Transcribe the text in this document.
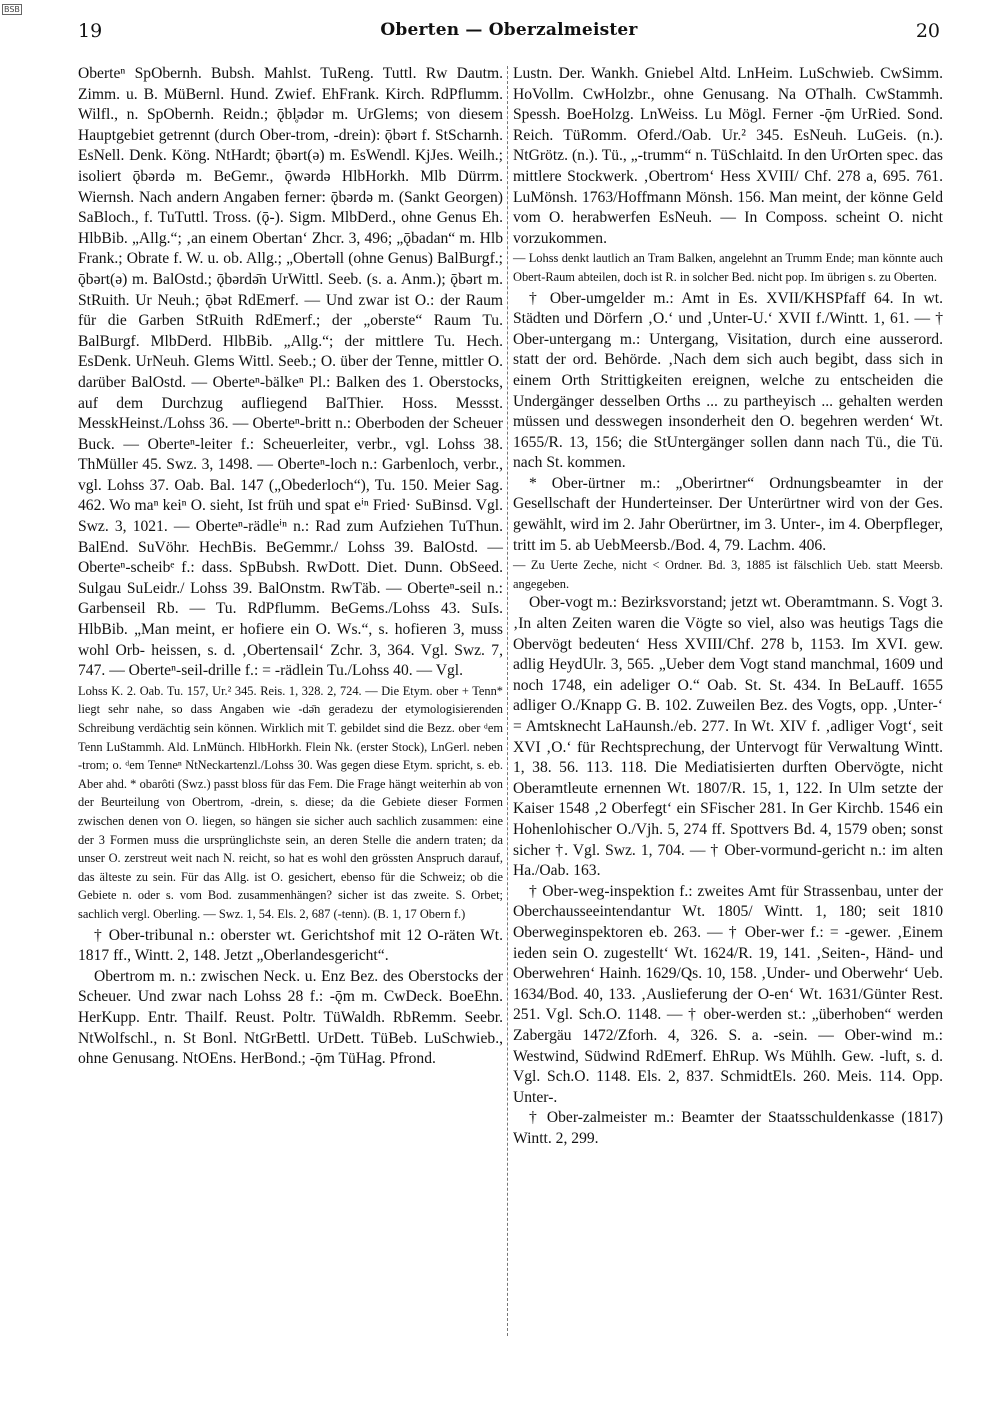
BSB
19	Oberten — Oberzalmeister	20

Oberteⁿ SpObernh. Bubsh. Mahlst. TuReng. Tuttl. Rw Dautm. Zimm. u. B. MüBernl. Hund. Zwief. EhFrank. Kirch. RdPflumm. Wilfl., n. SpObernh. Reidn.; ǭbl̥ədər m. UrGlems; von diesem Hauptgebiet getrennt (durch Ober-trom, -drein): ǭbərt f. StScharnh. EsNell. Denk. Köng. NtHardt; ǭbərt(ə) m. EsWendl. KjJes. Weilh.; isoliert ǭbərdə m. BeGemr., ǭwərdə HlbHorkh. Mlb Dürrm. Wiernsh. Nach andern Angaben ferner: ǭbərdə m. (Sankt Georgen) SaBloch., f. TuTuttl. Tross. (ǭ-). Sigm. MlbDerd., ohne Genus Eh. HlbBib. „Allg.“; ‚an einem Obertan‘ Zhcr. 3, 496; „ǭbadan“ m. Hlb Frank.; Obrate f. W. u. ob. Allg.; „Obertəll (ohne Genus) BalBurgf.; ǭbərt(ə) m. BalOstd.; ǭbərdə̄n UrWittl. Seeb. (s. a. Anm.); ǭbərt m. StRuith. Ur Neuh.; ǭbət RdEmerf. — Und zwar ist O.: der Raum für die Garben StRuith RdEmerf.; der „oberste“ Raum Tu. BalBurgf. MlbDerd. HlbBib. „Allg.“; der mittlere Tu. Hech. EsDenk. UrNeuh. Glems Wittl. Seeb.; O. über der Tenne, mittler O. darüber BalOstd. — Oberteⁿ-bälkeⁿ Pl.: Balken des 1. Oberstocks, auf dem Durchzug aufliegend BalThier. Hoss. Messst. MesskHeinst./Lohss 36. — Oberteⁿ-britt n.: Oberboden der Scheuer Buck. — Oberteⁿ-leiter f.: Scheuerleiter, verbr., vgl. Lohss 38. ThMüller 45. Swz. 3, 1498. — Oberteⁿ-loch n.: Garbenloch, verbr., vgl. Lohss 37. Oab. Bal. 147 („Obederloch“), Tu. 150. Meier Sag. 462. Wo maⁿ keiⁿ O. sieht, Ist früh und spat eⁱⁿ Fried· SuBinsd. Vgl. Swz. 3, 1021. — Oberteⁿ-rädleⁱⁿ n.: Rad zum Aufziehen TuThun. BalEnd. SuVöhr. HechBis. BeGemmr./ Lohss 39. BalOstd. — Oberteⁿ-scheibᵉ f.: dass. SpBubsh. RwDott. Diet. Dunn. ObSeed. Sulgau SuLeidr./ Lohss 39. BalOnstm. RwTäb. — Oberteⁿ-seil n.: Garbenseil Rb. — Tu. RdPflumm. BeGems./Lohss 43. SuIs. HlbBib. „Man meint, er hofiere ein O. Ws.“, s. hofieren 3, muss wohl Orb- heissen, s. d. ‚Obertensail‘ Zchr. 3, 364. Vgl. Swz. 7, 747. — Oberteⁿ-seil-drille f.: = -rädlein Tu./Lohss 40. — Vgl.

Lohss K. 2. Oab. Tu. 157, Ur.² 345. Reis. 1, 328. 2, 724. — Die Etym. ober + Tenn* liegt sehr nahe, so dass Angaben wie -də̄n geradezu der etymologisierenden Schreibung verdächtig sein können. Wirklich mit T. gebildet sind die Bezz. ober ᵈem Tenn LuStammh. Ald. LnMünch. HlbHorkh. Flein Nk. (erster Stock), LnGerl. neben -trom; o. ᵈem Tenneⁿ NtNeckartenzl./Lohss 30. Was gegen diese Etym. spricht, s. eb. Aber ahd. * obarôti (Swz.) passt bloss für das Fem. Die Frage hängt weiterhin ab von der Beurteilung von Obertrom, -drein, s. diese; da die Gebiete dieser Formen zwischen denen von O. liegen, so hängen sie sicher auch sachlich zusammen: eine der 3 Formen muss die ursprünglichste sein, an deren Stelle die andern traten; da unser O. zerstreut weit nach N. reicht, so hat es wohl den grössten Anspruch darauf, das älteste zu sein. Für das Allg. ist O. gesichert, ebenso für die Schweiz; ob die Gebiete n. oder s. vom Bod. zusammenhängen? sicher ist das zweite. S. Orbet; sachlich vergl. Oberling. — Swz. 1, 54. Els. 2, 687 (-tenn). (B. 1, 17 Obern f.)

† Ober-tribunal n.: oberster wt. Gerichtshof mit 12 O-räten Wt. 1817 ff., Wintt. 2, 148. Jetzt „Oberlandesgericht“.

Obertrom m. n.: zwischen Neck. u. Enz Bez. des Oberstocks der Scheuer. Und zwar nach Lohss 28 f.: -ǭm m. CwDeck. BoeEhn. HerKupp. Entr. Thailf. Reust. Poltr. TüWaldh. RbRemm. Seebr. NtWolfschl., n. St Bonl. NtGrBettl. UrDett. TüBeb. LuSchwieb., ohne Genusang. NtOEns. HerBond.; -ǭm TüHag. Pfrond.

Lustn. Der. Wankh. Gniebel Altd. LnHeim. LuSchwieb. CwSimm. HoVollm. CwHolzbr., ohne Genusang. Na OThalh. CwStammh. Spessh. BoeHolzg. LnWeiss. Lu Mögl. Ferner -ǭm UrRied. Sond. Reich. TüRomm. Oferd./Oab. Ur.² 345. EsNeuh. LuGeis. (n.). NtGrötz. (n.). Tü., „-trumm“ n. TüSchlaitd. In den UrOrten spec. das mittlere Stockwerk. ‚Obertrom‘ Hess XVIII/ Chf. 278 a, 695. 761. LuMönsh. 1763/Hoffmann Mönsh. 156. Man meint, der könne Geld vom O. herabwerfen EsNeuh. — In Composs. scheint O. nicht vorzukommen.

— Lohss denkt lautlich an Tram Balken, angelehnt an Trumm Ende; man könnte auch Obert-Raum abteilen, doch ist R. in solcher Bed. nicht pop. Im übrigen s. zu Oberten.

† Ober-umgelder m.: Amt in Es. XVII/KHSPfaff 64. In wt. Städten und Dörfern ‚O.‘ und ‚Unter-U.‘ XVII f./Wintt. 1, 61. — † Ober-untergang m.: Untergang, Visitation, durch eine ausserord. statt der ord. Behörde. ‚Nach dem sich auch begibt, dass sich in einem Orth Strittigkeiten ereignen, welche zu entscheiden die Undergänger desselben Orths ... zu partheyisch ... gehalten werden müssen und desswegen insonderheit den O. begehren werden‘ Wt. 1655/R. 13, 156; die StUntergänger sollen dann nach Tü., die Tü. nach St. kommen.

* Ober-ürtner m.: „Oberirtner“ Ordnungsbeamter in der Gesellschaft der Hunderteinser. Der Unterürtner wird von der Ges. gewählt, wird im 2. Jahr Oberürtner, im 3. Unter-, im 4. Oberpfleger, tritt im 5. ab UebMeersb./Bod. 4, 79. Lachm. 406.

— Zu Uerte Zeche, nicht < Ordner. Bd. 3, 1885 ist fälschlich Ueb. statt Meersb. angegeben.

Ober-vogt m.: Bezirksvorstand; jetzt wt. Oberamtmann. S. Vogt 3. ‚In alten Zeiten waren die Vögte so viel, also was heutigs Tags die Obervögt bedeuten‘ Hess XVIII/Chf. 278 b, 1153. Im XVI. gew. adlig HeydUlr. 3, 565. „Ueber dem Vogt stand manchmal, 1609 und noch 1748, ein adeliger O.“ Oab. St. St. 434. In BeLauff. 1655 adliger O./Knapp G. B. 102. Zuweilen Bez. des Vogts, opp. ‚Unter-‘ = Amtsknecht LaHaunsh./eb. 277. In Wt. XIV f. ‚adliger Vogt‘, seit XVI ‚O.‘ für Rechtsprechung, der Untervogt für Verwaltung Wintt. 1, 38. 56. 113. 118. Die Mediatisierten durften Obervögte, nicht Oberamtleute ernennen Wt. 1807/R. 15, 1, 122. In Ulm setzte der Kaiser 1548 ‚2 Oberfegt‘ ein SFischer 281. In Ger Kirchb. 1546 ein Hohenlohischer O./Vjh. 5, 274 ff. Spottvers Bd. 4, 1579 oben; sonst sicher †. Vgl. Swz. 1, 704. — † Ober-vormund-gericht n.: im alten Ha./Oab. 163.

† Ober-weg-inspektion f.: zweites Amt für Strassenbau, unter der Oberchausseeintendantur Wt. 1805/ Wintt. 1, 180; seit 1810 Oberweginspektoren eb. 263. — † Ober-wer f.: = -gewer. ‚Einem ieden sein O. zugestellt‘ Wt. 1624/R. 19, 141. ‚Seiten-, Händ- und Oberwehren‘ Hainh. 1629/Qs. 10, 158. ‚Under- und Oberwehr‘ Ueb. 1634/Bod. 40, 133. ‚Auslieferung der O-en‘ Wt. 1631/Günter Rest. 251. Vgl. Sch.O. 1148. — † ober-werden st.: „überhoben“ werden Zabergäu 1472/Zforh. 4, 326. S. a. -sein. — Ober-wind m.: Westwind, Südwind RdEmerf. EhRup. Ws Mühlh. Gew. -luft, s. d. Vgl. Sch.O. 1148. Els. 2, 837. SchmidtEls. 260. Meis. 114. Opp. Unter-.

† Ober-zalmeister m.: Beamter der Staatsschuldenkasse (1817) Wintt. 2, 299.
